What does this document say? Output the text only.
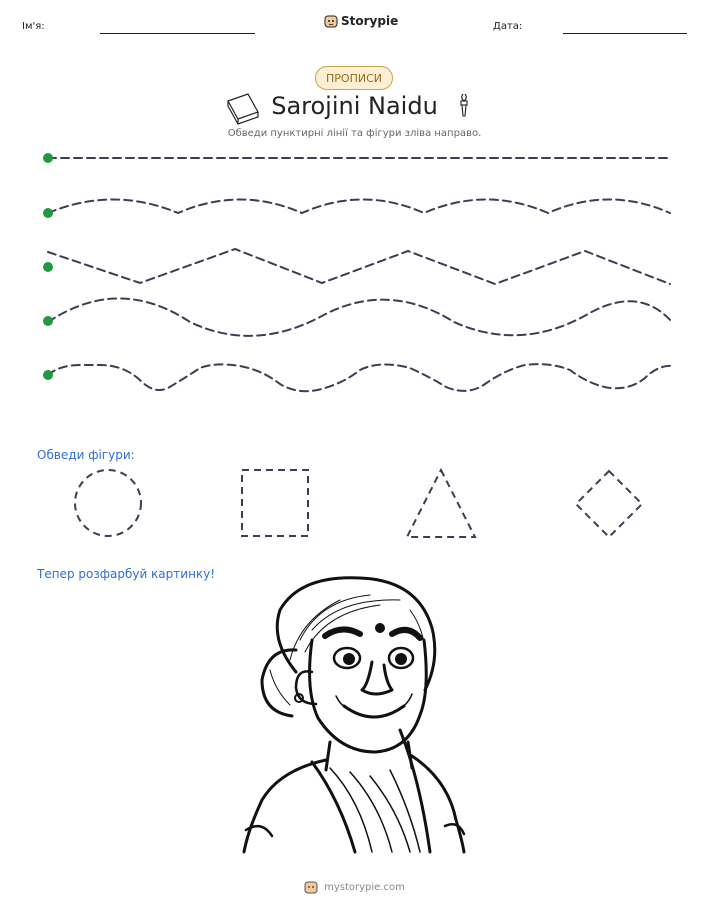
Ім'я:	Storypie	Дата:
ПРОПИСИ
Sarojini Naidu
Обведи пунктирні лінії та фігури зліва направо.
Обведи фігури:
Тепер розфарбуй картинку!
mystorypie.com
